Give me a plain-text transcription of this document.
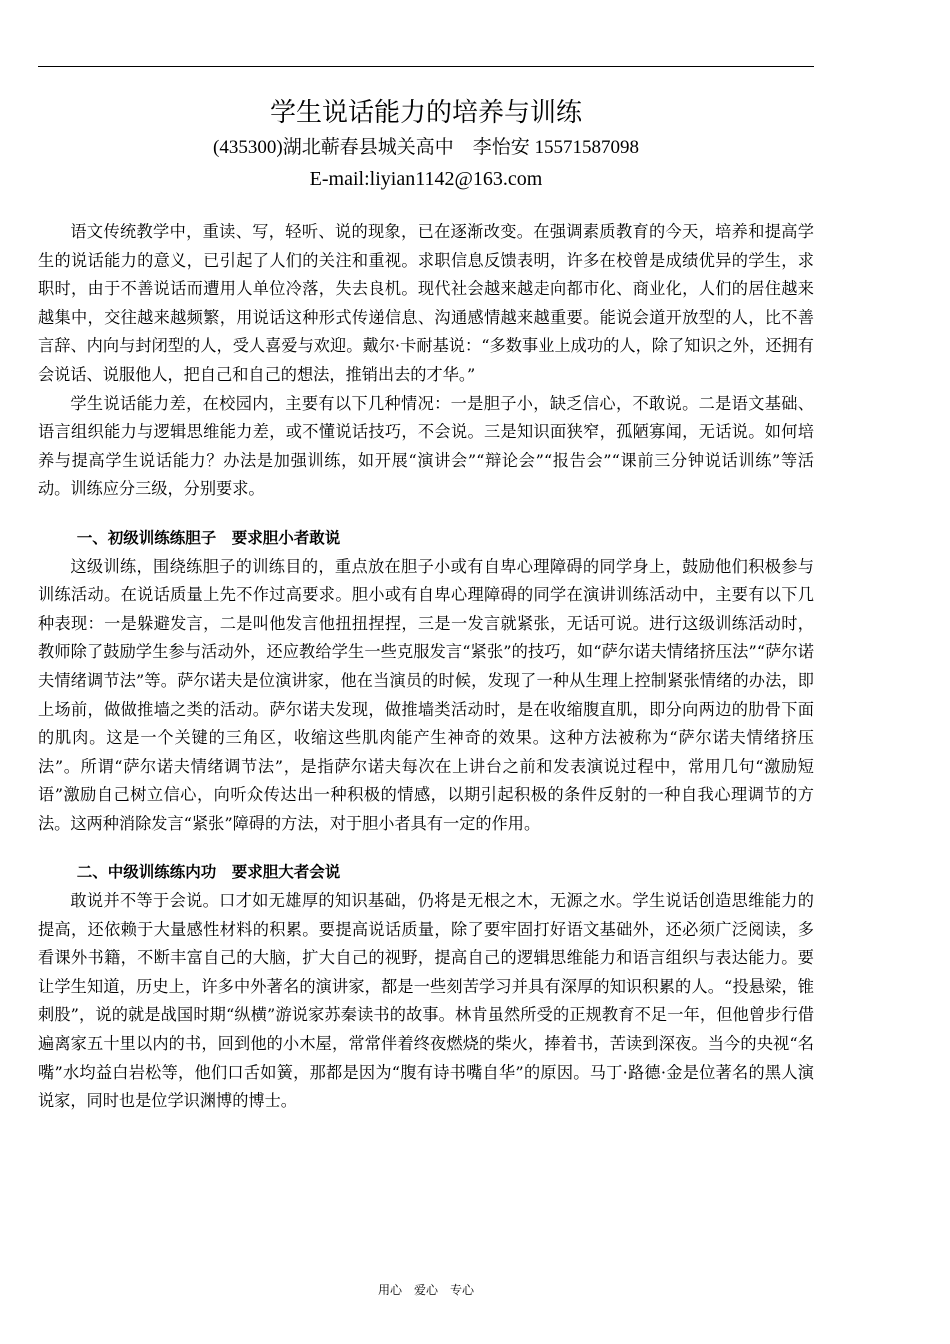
学生说话能力的培养与训练

(435300)湖北蕲春县城关高中　李怡安 15571587098

E-mail:liyian1142@163.com

语文传统教学中，重读、写，轻听、说的现象，已在逐渐改变。在强调素质教育的今天，培养和提高学生的说话能力的意义，已引起了人们的关注和重视。求职信息反馈表明，许多在校曾是成绩优异的学生，求职时，由于不善说话而遭用人单位冷落，失去良机。现代社会越来越走向都市化、商业化，人们的居住越来越集中，交往越来越频繁，用说话这种形式传递信息、沟通感情越来越重要。能说会道开放型的人，比不善言辞、内向与封闭型的人，受人喜爱与欢迎。戴尔·卡耐基说：“多数事业上成功的人，除了知识之外，还拥有会说话、说服他人，把自己和自己的想法，推销出去的才华。”

学生说话能力差，在校园内，主要有以下几种情况：一是胆子小，缺乏信心，不敢说。二是语文基础、语言组织能力与逻辑思维能力差，或不懂说话技巧，不会说。三是知识面狭窄，孤陋寡闻，无话说。如何培养与提高学生说话能力？办法是加强训练，如开展“演讲会”“辩论会”“报告会”“课前三分钟说话训练”等活动。训练应分三级，分别要求。

一、初级训练练胆子　要求胆小者敢说

这级训练，围绕练胆子的训练目的，重点放在胆子小或有自卑心理障碍的同学身上，鼓励他们积极参与训练活动。在说话质量上先不作过高要求。胆小或有自卑心理障碍的同学在演讲训练活动中，主要有以下几种表现：一是躲避发言，二是叫他发言他扭扭捏捏，三是一发言就紧张，无话可说。进行这级训练活动时，教师除了鼓励学生参与活动外，还应教给学生一些克服发言“紧张”的技巧，如“萨尔诺夫情绪挤压法”“萨尔诺夫情绪调节法”等。萨尔诺夫是位演讲家，他在当演员的时候，发现了一种从生理上控制紧张情绪的办法，即上场前，做做推墙之类的活动。萨尔诺夫发现，做推墙类活动时，是在收缩腹直肌，即分向两边的肋骨下面的肌肉。这是一个关键的三角区，收缩这些肌肉能产生神奇的效果。这种方法被称为“萨尔诺夫情绪挤压法”。所谓“萨尔诺夫情绪调节法”，是指萨尔诺夫每次在上讲台之前和发表演说过程中，常用几句“激励短语”激励自己树立信心，向听众传达出一种积极的情感，以期引起积极的条件反射的一种自我心理调节的方法。这两种消除发言“紧张”障碍的方法，对于胆小者具有一定的作用。

二、中级训练练内功　要求胆大者会说

敢说并不等于会说。口才如无雄厚的知识基础，仍将是无根之木，无源之水。学生说话创造思维能力的提高，还依赖于大量感性材料的积累。要提高说话质量，除了要牢固打好语文基础外，还必须广泛阅读，多看课外书籍，不断丰富自己的大脑，扩大自己的视野，提高自己的逻辑思维能力和语言组织与表达能力。要让学生知道，历史上，许多中外著名的演讲家，都是一些刻苦学习并具有深厚的知识积累的人。“投悬梁，锥刺股”，说的就是战国时期“纵横”游说家苏秦读书的故事。林肯虽然所受的正规教育不足一年，但他曾步行借遍离家五十里以内的书，回到他的小木屋，常常伴着终夜燃烧的柴火，捧着书，苦读到深夜。当今的央视“名嘴”水均益白岩松等，他们口舌如簧，那都是因为“腹有诗书嘴自华”的原因。马丁·路德·金是位著名的黑人演说家，同时也是位学识渊博的博士。

用心　爱心　专心
